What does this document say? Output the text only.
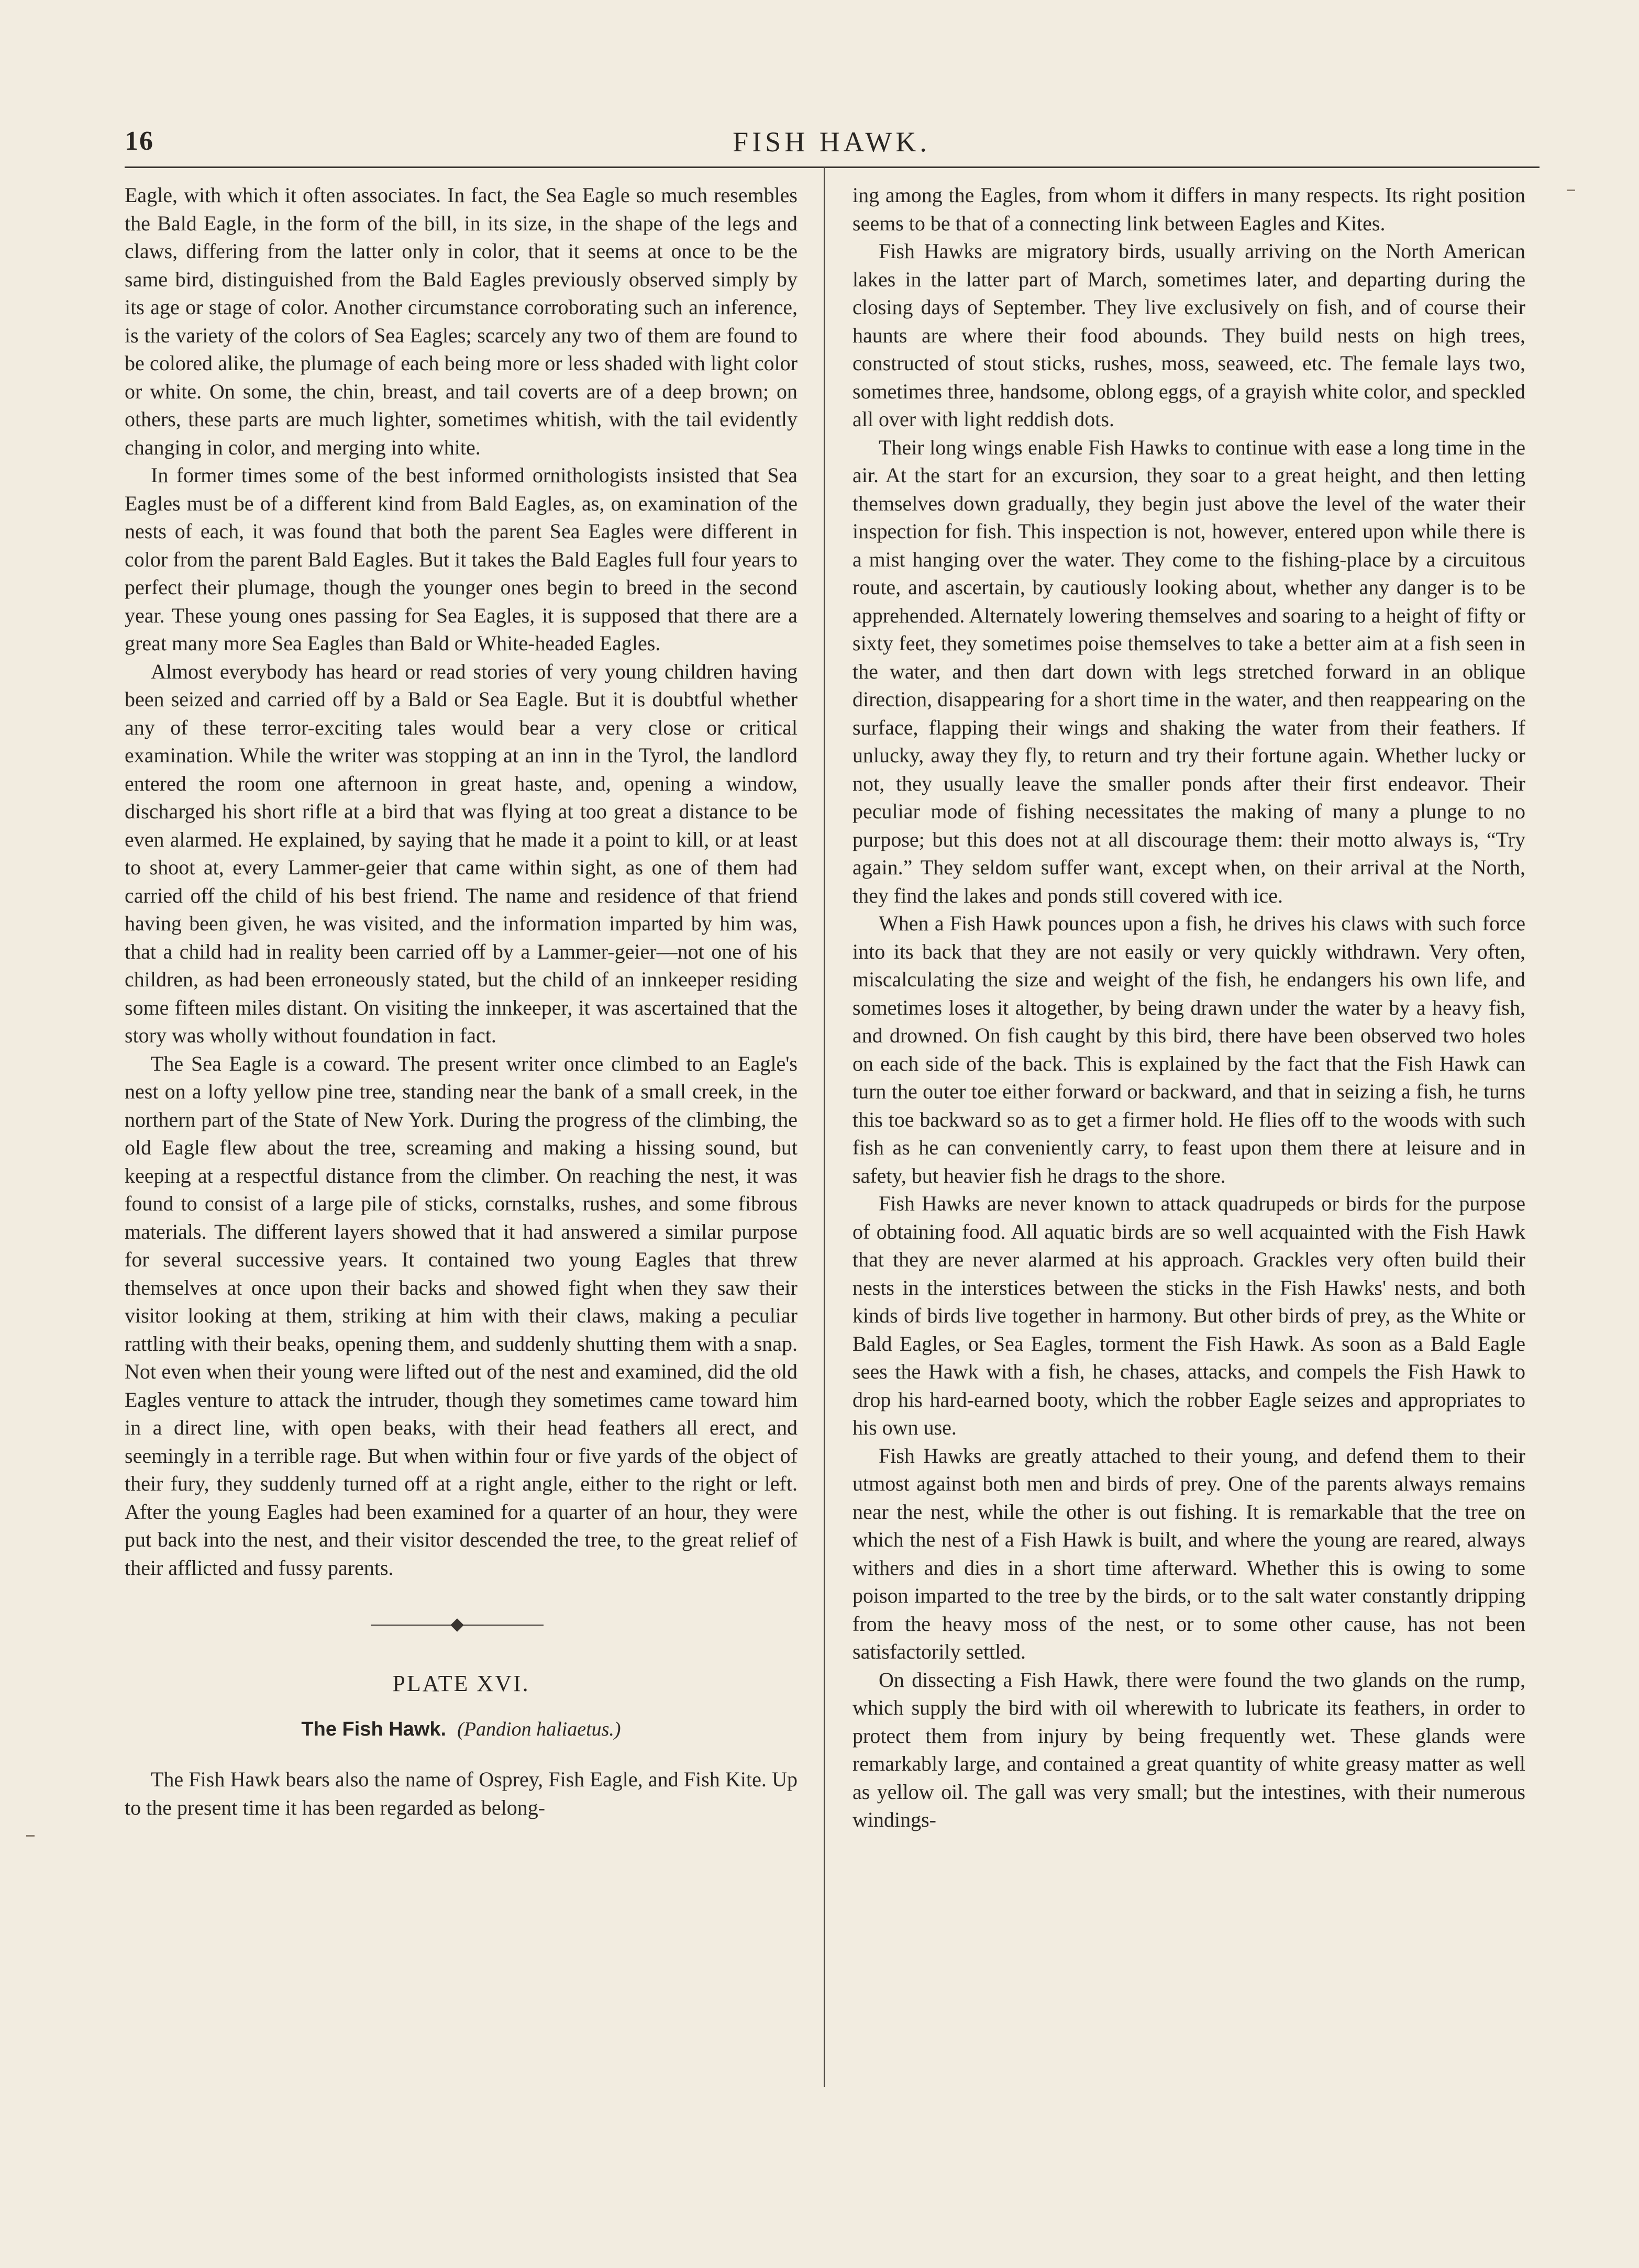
16	FISH HAWK.

Eagle, with which it often associates. In fact, the Sea Eagle so much resembles the Bald Eagle, in the form of the bill, in its size, in the shape of the legs and claws, differing from the latter only in color, that it seems at once to be the same bird, distinguished from the Bald Eagles previously observed simply by its age or stage of color. Another circumstance corroborating such an inference, is the variety of the colors of Sea Eagles; scarcely any two of them are found to be colored alike, the plumage of each being more or less shaded with light color or white. On some, the chin, breast, and tail coverts are of a deep brown; on others, these parts are much lighter, sometimes whitish, with the tail evidently changing in color, and merging into white.

In former times some of the best informed ornithologists insisted that Sea Eagles must be of a different kind from Bald Eagles, as, on examination of the nests of each, it was found that both the parent Sea Eagles were different in color from the parent Bald Eagles. But it takes the Bald Eagles full four years to perfect their plumage, though the younger ones begin to breed in the second year. These young ones passing for Sea Eagles, it is supposed that there are a great many more Sea Eagles than Bald or White-headed Eagles.

Almost everybody has heard or read stories of very young children having been seized and carried off by a Bald or Sea Eagle. But it is doubtful whether any of these terror-exciting tales would bear a very close or critical examination. While the writer was stopping at an inn in the Tyrol, the landlord entered the room one afternoon in great haste, and, opening a window, discharged his short rifle at a bird that was flying at too great a distance to be even alarmed. He explained, by saying that he made it a point to kill, or at least to shoot at, every Lammer-geier that came within sight, as one of them had carried off the child of his best friend. The name and residence of that friend having been given, he was visited, and the information imparted by him was, that a child had in reality been carried off by a Lammer-geier—not one of his children, as had been erroneously stated, but the child of an innkeeper residing some fifteen miles distant. On visiting the innkeeper, it was ascertained that the story was wholly without foundation in fact.

The Sea Eagle is a coward. The present writer once climbed to an Eagle's nest on a lofty yellow pine tree, standing near the bank of a small creek, in the northern part of the State of New York. During the progress of the climbing, the old Eagle flew about the tree, screaming and making a hissing sound, but keeping at a respectful distance from the climber. On reaching the nest, it was found to consist of a large pile of sticks, cornstalks, rushes, and some fibrous materials. The different layers showed that it had answered a similar purpose for several successive years. It contained two young Eagles that threw themselves at once upon their backs and showed fight when they saw their visitor looking at them, striking at him with their claws, making a peculiar rattling with their beaks, opening them, and suddenly shutting them with a snap. Not even when their young were lifted out of the nest and examined, did the old Eagles venture to attack the intruder, though they sometimes came toward him in a direct line, with open beaks, with their head feathers all erect, and seemingly in a terrible rage. But when within four or five yards of the object of their fury, they suddenly turned off at a right angle, either to the right or left. After the young Eagles had been examined for a quarter of an hour, they were put back into the nest, and their visitor descended the tree, to the great relief of their afflicted and fussy parents.

PLATE XVI.
The Fish Hawk. (Pandion haliaetus.)

The Fish Hawk bears also the name of Osprey, Fish Eagle, and Fish Kite. Up to the present time it has been regarded as belong-

ing among the Eagles, from whom it differs in many respects. Its right position seems to be that of a connecting link between Eagles and Kites.

Fish Hawks are migratory birds, usually arriving on the North American lakes in the latter part of March, sometimes later, and departing during the closing days of September. They live exclusively on fish, and of course their haunts are where their food abounds. They build nests on high trees, constructed of stout sticks, rushes, moss, seaweed, etc. The female lays two, sometimes three, handsome, oblong eggs, of a grayish white color, and speckled all over with light reddish dots.

Their long wings enable Fish Hawks to continue with ease a long time in the air. At the start for an excursion, they soar to a great height, and then letting themselves down gradually, they begin just above the level of the water their inspection for fish. This inspection is not, however, entered upon while there is a mist hanging over the water. They come to the fishing-place by a circuitous route, and ascertain, by cautiously looking about, whether any danger is to be apprehended. Alternately lowering themselves and soaring to a height of fifty or sixty feet, they sometimes poise themselves to take a better aim at a fish seen in the water, and then dart down with legs stretched forward in an oblique direction, disappearing for a short time in the water, and then reappearing on the surface, flapping their wings and shaking the water from their feathers. If unlucky, away they fly, to return and try their fortune again. Whether lucky or not, they usually leave the smaller ponds after their first endeavor. Their peculiar mode of fishing necessitates the making of many a plunge to no purpose; but this does not at all discourage them: their motto always is, “Try again.” They seldom suffer want, except when, on their arrival at the North, they find the lakes and ponds still covered with ice.

When a Fish Hawk pounces upon a fish, he drives his claws with such force into its back that they are not easily or very quickly withdrawn. Very often, miscalculating the size and weight of the fish, he endangers his own life, and sometimes loses it altogether, by being drawn under the water by a heavy fish, and drowned. On fish caught by this bird, there have been observed two holes on each side of the back. This is explained by the fact that the Fish Hawk can turn the outer toe either forward or backward, and that in seizing a fish, he turns this toe backward so as to get a firmer hold. He flies off to the woods with such fish as he can conveniently carry, to feast upon them there at leisure and in safety, but heavier fish he drags to the shore.

Fish Hawks are never known to attack quadrupeds or birds for the purpose of obtaining food. All aquatic birds are so well acquainted with the Fish Hawk that they are never alarmed at his approach. Grackles very often build their nests in the interstices between the sticks in the Fish Hawks' nests, and both kinds of birds live together in harmony. But other birds of prey, as the White or Bald Eagles, or Sea Eagles, torment the Fish Hawk. As soon as a Bald Eagle sees the Hawk with a fish, he chases, attacks, and compels the Fish Hawk to drop his hard-earned booty, which the robber Eagle seizes and appropriates to his own use.

Fish Hawks are greatly attached to their young, and defend them to their utmost against both men and birds of prey. One of the parents always remains near the nest, while the other is out fishing. It is remarkable that the tree on which the nest of a Fish Hawk is built, and where the young are reared, always withers and dies in a short time afterward. Whether this is owing to some poison imparted to the tree by the birds, or to the salt water constantly dripping from the heavy moss of the nest, or to some other cause, has not been satisfactorily settled.

On dissecting a Fish Hawk, there were found the two glands on the rump, which supply the bird with oil wherewith to lubricate its feathers, in order to protect them from injury by being frequently wet. These glands were remarkably large, and contained a great quantity of white greasy matter as well as yellow oil. The gall was very small; but the intestines, with their numerous windings-
